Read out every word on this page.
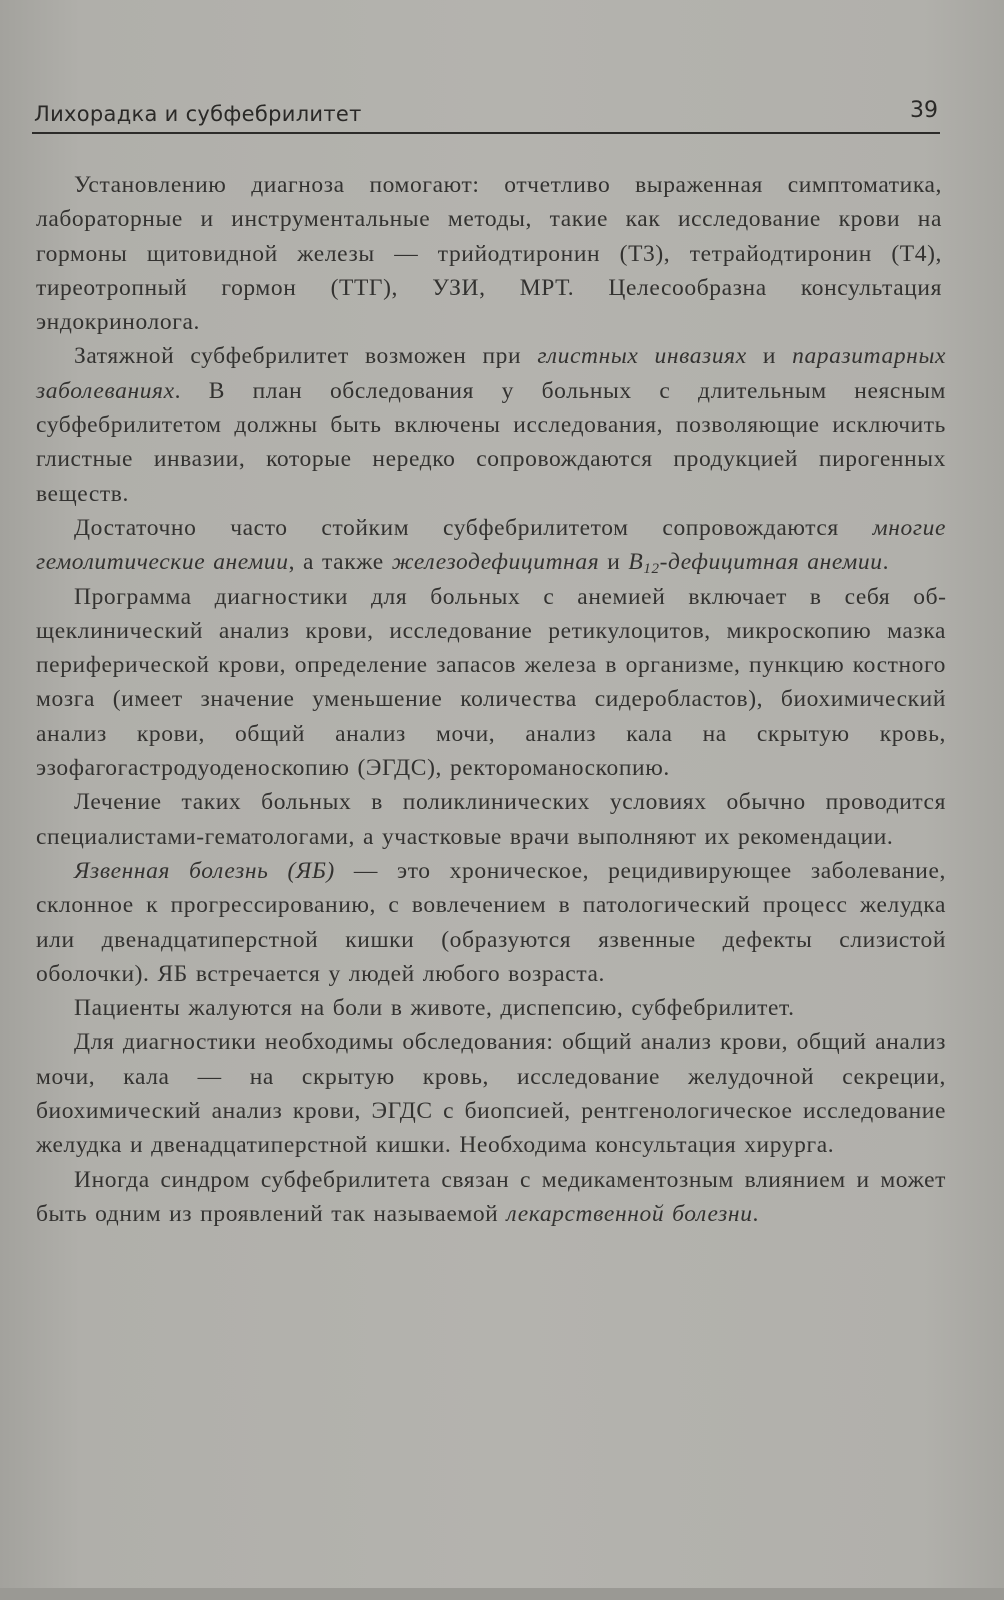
Лихорадка и субфебрилитет	39

Установлению диагноза помогают: отчетливо выраженная симптоматика, лабораторные и инструментальные методы, такие как исследование крови на гормоны щитовидной железы — трийодтиронин (Т3), тетрайодтиронин (Т4), тиреотропный гормон (ТТГ), УЗИ, МРТ. Целесообразна консультация эндокринолога.

Затяжной субфебрилитет возможен при глистных инвазиях и паразитарных заболеваниях. В план обследования у больных с длительным неясным субфебрилитетом должны быть включены исследования, позволяющие исключить глистные инвазии, которые нередко сопровождаются продукцией пирогенных веществ.

Достаточно часто стойким субфебрилитетом сопровождаются многие гемолитические анемии, а также железодефицитная и $B_{12}$-дефицитная анемии.

Программа диагностики для больных с анемией включает в себя общеклинический анализ крови, исследование ретикулоцитов, микроскопию мазка периферической крови, определение запасов железа в организме, пункцию костного мозга (имеет значение уменьшение количества сидеробластов), биохимический анализ крови, общий анализ мочи, анализ кала на скрытую кровь, эзофагогастродуоденоскопию (ЭГДС), ректороманоскопию.

Лечение таких больных в поликлинических условиях обычно проводится специалистами-гематологами, а участковые врачи выполняют их рекомендации.

Язвенная болезнь (ЯБ) — это хроническое, рецидивирующее заболевание, склонное к прогрессированию, с вовлечением в патологический процесс желудка или двенадцатиперстной кишки (образуются язвенные дефекты слизистой оболочки). ЯБ встречается у людей любого возраста.

Пациенты жалуются на боли в животе, диспепсию, субфебрилитет.

Для диагностики необходимы обследования: общий анализ крови, общий анализ мочи, кала — на скрытую кровь, исследование желудочной секреции, биохимический анализ крови, ЭГДС с биопсией, рентгенологическое исследование желудка и двенадцатиперстной кишки. Необходима консультация хирурга.

Иногда синдром субфебрилитета связан с медикаментозным влиянием и может быть одним из проявлений так называемой лекарственной болезни.
